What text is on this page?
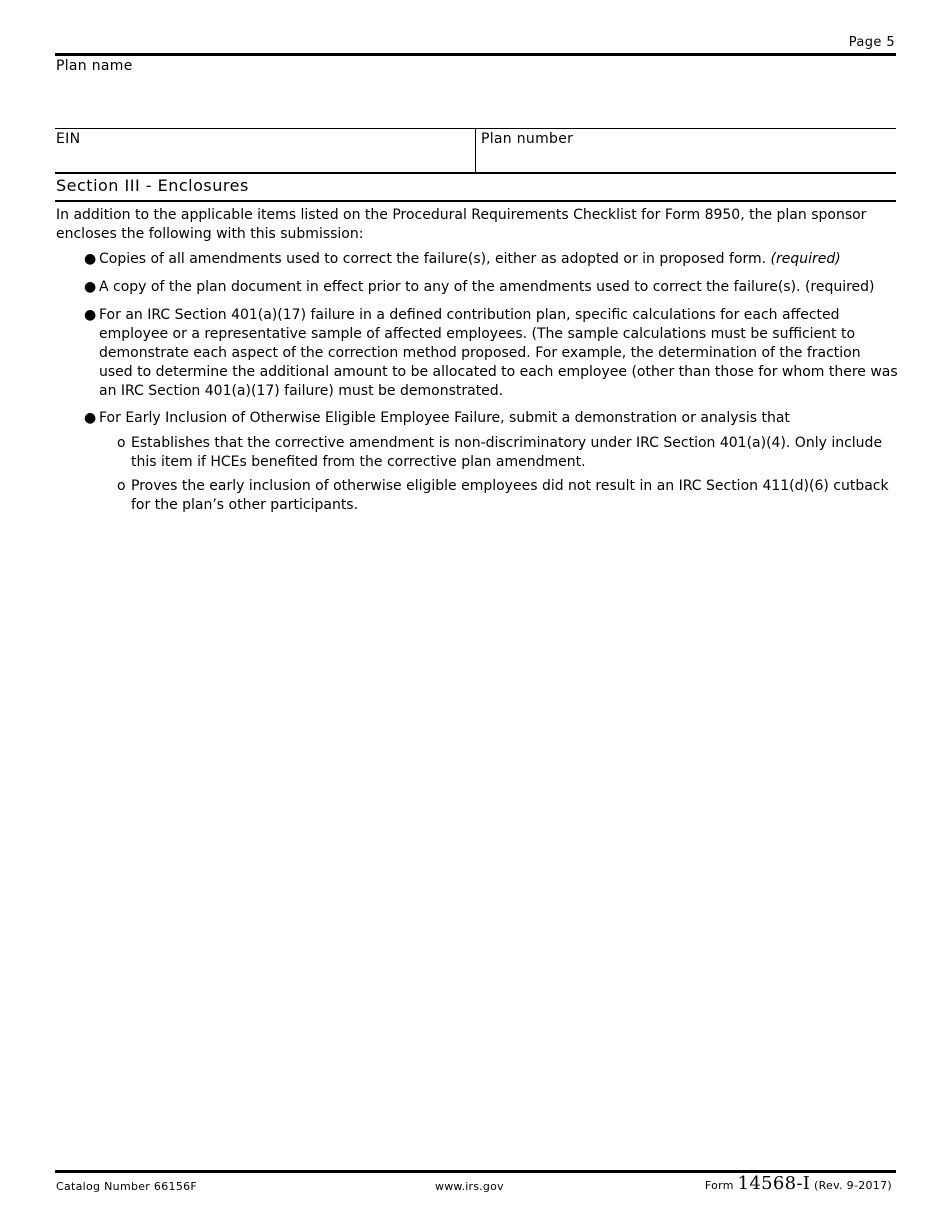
Page 5
Plan name
EIN	Plan number
Section III - Enclosures
In addition to the applicable items listed on the Procedural Requirements Checklist for Form 8950, the plan sponsor encloses the following with this submission:
● Copies of all amendments used to correct the failure(s), either as adopted or in proposed form. (required)
● A copy of the plan document in effect prior to any of the amendments used to correct the failure(s). (required)
● For an IRC Section 401(a)(17) failure in a defined contribution plan, specific calculations for each affected employee or a representative sample of affected employees. (The sample calculations must be sufficient to demonstrate each aspect of the correction method proposed. For example, the determination of the fraction used to determine the additional amount to be allocated to each employee (other than those for whom there was an IRC Section 401(a)(17) failure) must be demonstrated.
● For Early Inclusion of Otherwise Eligible Employee Failure, submit a demonstration or analysis that
o Establishes that the corrective amendment is non-discriminatory under IRC Section 401(a)(4). Only include this item if HCEs benefited from the corrective plan amendment.
o Proves the early inclusion of otherwise eligible employees did not result in an IRC Section 411(d)(6) cutback for the plan’s other participants.
Catalog Number 66156F	www.irs.gov	Form 14568-I (Rev. 9-2017)
